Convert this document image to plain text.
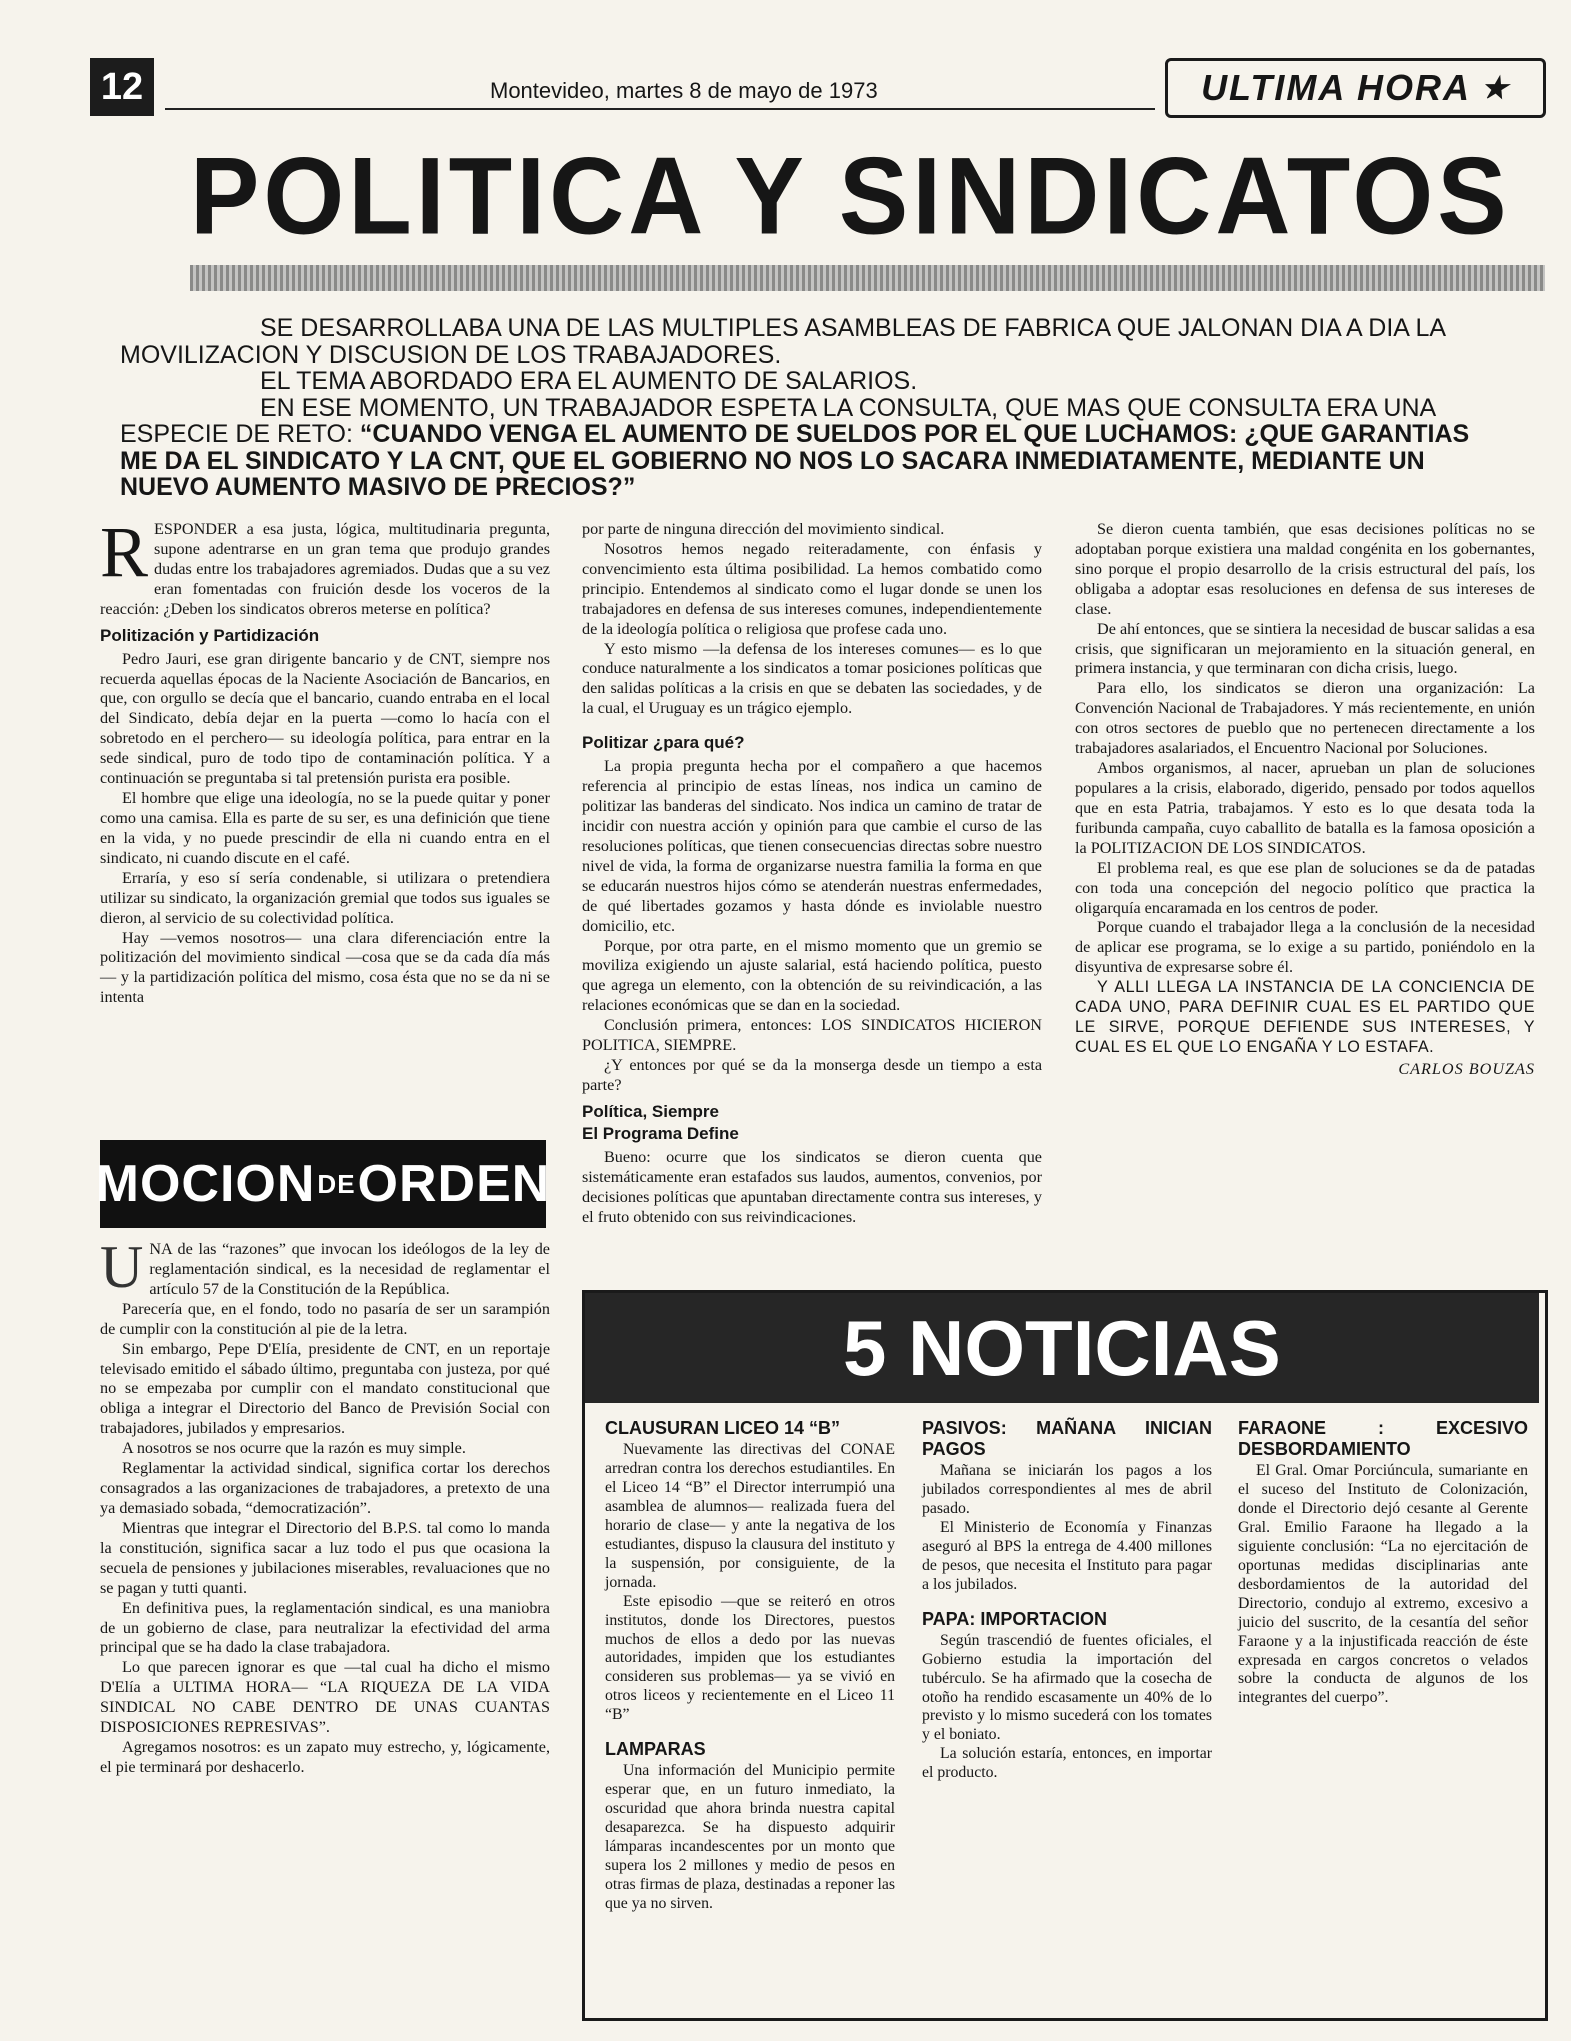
12	Montevideo, martes 8 de mayo de 1973	ULTIMA HORA ★
POLITICA Y SINDICATOS

SE DESARROLLABA UNA DE LAS MULTIPLES ASAMBLEAS DE FABRICA QUE JALONAN DIA A DIA LA MOVILIZACION Y DISCUSION DE LOS TRABAJADORES.

EL TEMA ABORDADO ERA EL AUMENTO DE SALARIOS.

EN ESE MOMENTO, UN TRABAJADOR ESPETA LA CONSULTA, QUE MAS QUE CONSULTA ERA UNA ESPECIE DE RETO: “CUANDO VENGA EL AUMENTO DE SUELDOS POR EL QUE LUCHAMOS: ¿QUE GARANTIAS ME DA EL SINDICATO Y LA CNT, QUE EL GOBIERNO NO NOS LO SACARA INMEDIATAMENTE, MEDIANTE UN NUEVO AUMENTO MASIVO DE PRECIOS?”

R ESPONDER a esa justa, lógica, multitudinaria pregunta, supone adentrarse en un gran tema que produjo grandes dudas entre los trabajadores agremiados. Dudas que a su vez eran fomentadas con fruición desde los voceros de la reacción: ¿Deben los sindicatos obreros meterse en política?

Politización y Partidización

Pedro Jauri, ese gran dirigente bancario y de CNT, siempre nos recuerda aquellas épocas de la Naciente Asociación de Bancarios, en que, con orgullo se decía que el bancario, cuando entraba en el local del Sindicato, debía dejar en la puerta —como lo hacía con el sobretodo en el perchero— su ideología política, para entrar en la sede sindical, puro de todo tipo de contaminación política. Y a continuación se preguntaba si tal pretensión purista era posible.

El hombre que elige una ideología, no se la puede quitar y poner como una camisa. Ella es parte de su ser, es una definición que tiene en la vida, y no puede prescindir de ella ni cuando entra en el sindicato, ni cuando discute en el café.

Erraría, y eso sí sería condenable, si utilizara o pretendiera utilizar su sindicato, la organización gremial que todos sus iguales se dieron, al servicio de su colectividad política.

Hay —vemos nosotros— una clara diferenciación entre la politización del movimiento sindical —cosa que se da cada día más— y la partidización política del mismo, cosa ésta que no se da ni se intenta

por parte de ninguna dirección del movimiento sindical.

Nosotros hemos negado reiteradamente, con énfasis y convencimiento esta última posibilidad. La hemos combatido como principio. Entendemos al sindicato como el lugar donde se unen los trabajadores en defensa de sus intereses comunes, independientemente de la ideología política o religiosa que profese cada uno.

Y esto mismo —la defensa de los intereses comunes— es lo que conduce naturalmente a los sindicatos a tomar posiciones políticas que den salidas políticas a la crisis en que se debaten las sociedades, y de la cual, el Uruguay es un trágico ejemplo.

Politizar ¿para qué?

La propia pregunta hecha por el compañero a que hacemos referencia al principio de estas líneas, nos indica un camino de politizar las banderas del sindicato. Nos indica un camino de tratar de incidir con nuestra acción y opinión para que cambie el curso de las resoluciones políticas, que tienen consecuencias directas sobre nuestro nivel de vida, la forma de organizarse nuestra familia la forma en que se educarán nuestros hijos cómo se atenderán nuestras enfermedades, de qué libertades gozamos y hasta dónde es inviolable nuestro domicilio, etc.

Porque, por otra parte, en el mismo momento que un gremio se moviliza exigiendo un ajuste salarial, está haciendo política, puesto que agrega un elemento, con la obtención de su reivindicación, a las relaciones económicas que se dan en la sociedad.

Conclusión primera, entonces: LOS SINDICATOS HICIERON POLITICA, SIEMPRE.

¿Y entonces por qué se da la monserga desde un tiempo a esta parte?

Política, Siempre
El Programa Define

Bueno: ocurre que los sindicatos se dieron cuenta que sistemáticamente eran estafados sus laudos, aumentos, convenios, por decisiones políticas que apuntaban directamente contra sus intereses, y el fruto obtenido con sus reivindicaciones.

Se dieron cuenta también, que esas decisiones políticas no se adoptaban porque existiera una maldad congénita en los gobernantes, sino porque el propio desarrollo de la crisis estructural del país, los obligaba a adoptar esas resoluciones en defensa de sus intereses de clase.

De ahí entonces, que se sintiera la necesidad de buscar salidas a esa crisis, que significaran un mejoramiento en la situación general, en primera instancia, y que terminaran con dicha crisis, luego.

Para ello, los sindicatos se dieron una organización: La Convención Nacional de Trabajadores. Y más recientemente, en unión con otros sectores de pueblo que no pertenecen directamente a los trabajadores asalariados, el Encuentro Nacional por Soluciones.

Ambos organismos, al nacer, aprueban un plan de soluciones populares a la crisis, elaborado, digerido, pensado por todos aquellos que en esta Patria, trabajamos. Y esto es lo que desata toda la furibunda campaña, cuyo caballito de batalla es la famosa oposición a la POLITIZACION DE LOS SINDICATOS.

El problema real, es que ese plan de soluciones se da de patadas con toda una concepción del negocio político que practica la oligarquía encaramada en los centros de poder.

Porque cuando el trabajador llega a la conclusión de la necesidad de aplicar ese programa, se lo exige a su partido, poniéndolo en la disyuntiva de expresarse sobre él.

Y ALLI LLEGA LA INSTANCIA DE LA CONCIENCIA DE CADA UNO, PARA DEFINIR CUAL ES EL PARTIDO QUE LE SIRVE, PORQUE DEFIENDE SUS INTERESES, Y CUAL ES EL QUE LO ENGAÑA Y LO ESTAFA.

CARLOS BOUZAS
MOCION DE ORDEN
U NA de las “razones” que invocan los ideólogos de la ley de reglamentación sindical, es la necesidad de reglamentar el artículo 57 de la Constitución de la República.

Parecería que, en el fondo, todo no pasaría de ser un sarampión de cumplir con la constitución al pie de la letra.

Sin embargo, Pepe D'Elía, presidente de CNT, en un reportaje televisado emitido el sábado último, preguntaba con justeza, por qué no se empezaba por cumplir con el mandato constitucional que obliga a integrar el Directorio del Banco de Previsión Social con trabajadores, jubilados y empresarios.

A nosotros se nos ocurre que la razón es muy simple.

Reglamentar la actividad sindical, significa cortar los derechos consagrados a las organizaciones de trabajadores, a pretexto de una ya demasiado sobada, “democratización”.

Mientras que integrar el Directorio del B.P.S. tal como lo manda la constitución, significa sacar a luz todo el pus que ocasiona la secuela de pensiones y jubilaciones miserables, revaluaciones que no se pagan y tutti quanti.

En definitiva pues, la reglamentación sindical, es una maniobra de un gobierno de clase, para neutralizar la efectividad del arma principal que se ha dado la clase trabajadora.

Lo que parecen ignorar es que —tal cual ha dicho el mismo D'Elía a ULTIMA HORA— “LA RIQUEZA DE LA VIDA SINDICAL NO CABE DENTRO DE UNAS CUANTAS DISPOSICIONES REPRESIVAS”.

Agregamos nosotros: es un zapato muy estrecho, y, lógicamente, el pie terminará por deshacerlo.

5 NOTICIAS
CLAUSURAN LICEO 14 “B”

Nuevamente las directivas del CONAE arredran contra los derechos estudiantiles. En el Liceo 14 “B” el Director interrumpió una asamblea de alumnos— realizada fuera del horario de clase— y ante la negativa de los estudiantes, dispuso la clausura del instituto y la suspensión, por consiguiente, de la jornada.

Este episodio —que se reiteró en otros institutos, donde los Directores, puestos muchos de ellos a dedo por las nuevas autoridades, impiden que los estudiantes consideren sus problemas— ya se vivió en otros liceos y recientemente en el Liceo 11 “B”

LAMPARAS

Una información del Municipio permite esperar que, en un futuro inmediato, la oscuridad que ahora brinda nuestra capital desaparezca. Se ha dispuesto adquirir lámparas incandescentes por un monto que supera los 2 millones y medio de pesos en otras firmas de plaza, destinadas a reponer las que ya no sirven.

PASIVOS: MAÑANA INICIAN PAGOS

Mañana se iniciarán los pagos a los jubilados correspondientes al mes de abril pasado.

El Ministerio de Economía y Finanzas aseguró al BPS la entrega de 4.400 millones de pesos, que necesita el Instituto para pagar a los jubilados.

PAPA: IMPORTACION

Según trascendió de fuentes oficiales, el Gobierno estudia la importación del tubérculo. Se ha afirmado que la cosecha de otoño ha rendido escasamente un 40% de lo previsto y lo mismo sucederá con los tomates y el boniato.

La solución estaría, entonces, en importar el producto.

FARAONE : EXCESIVO DESBORDAMIENTO

El Gral. Omar Porciúncula, sumariante en el suceso del Instituto de Colonización, donde el Directorio dejó cesante al Gerente Gral. Emilio Faraone ha llegado a la siguiente conclusión: “La no ejercitación de oportunas medidas disciplinarias ante desbordamientos de la autoridad del Directorio, condujo al extremo, excesivo a juicio del suscrito, de la cesantía del señor Faraone y a la injustificada reacción de éste expresada en cargos concretos o velados sobre la conducta de algunos de los integrantes del cuerpo”.
